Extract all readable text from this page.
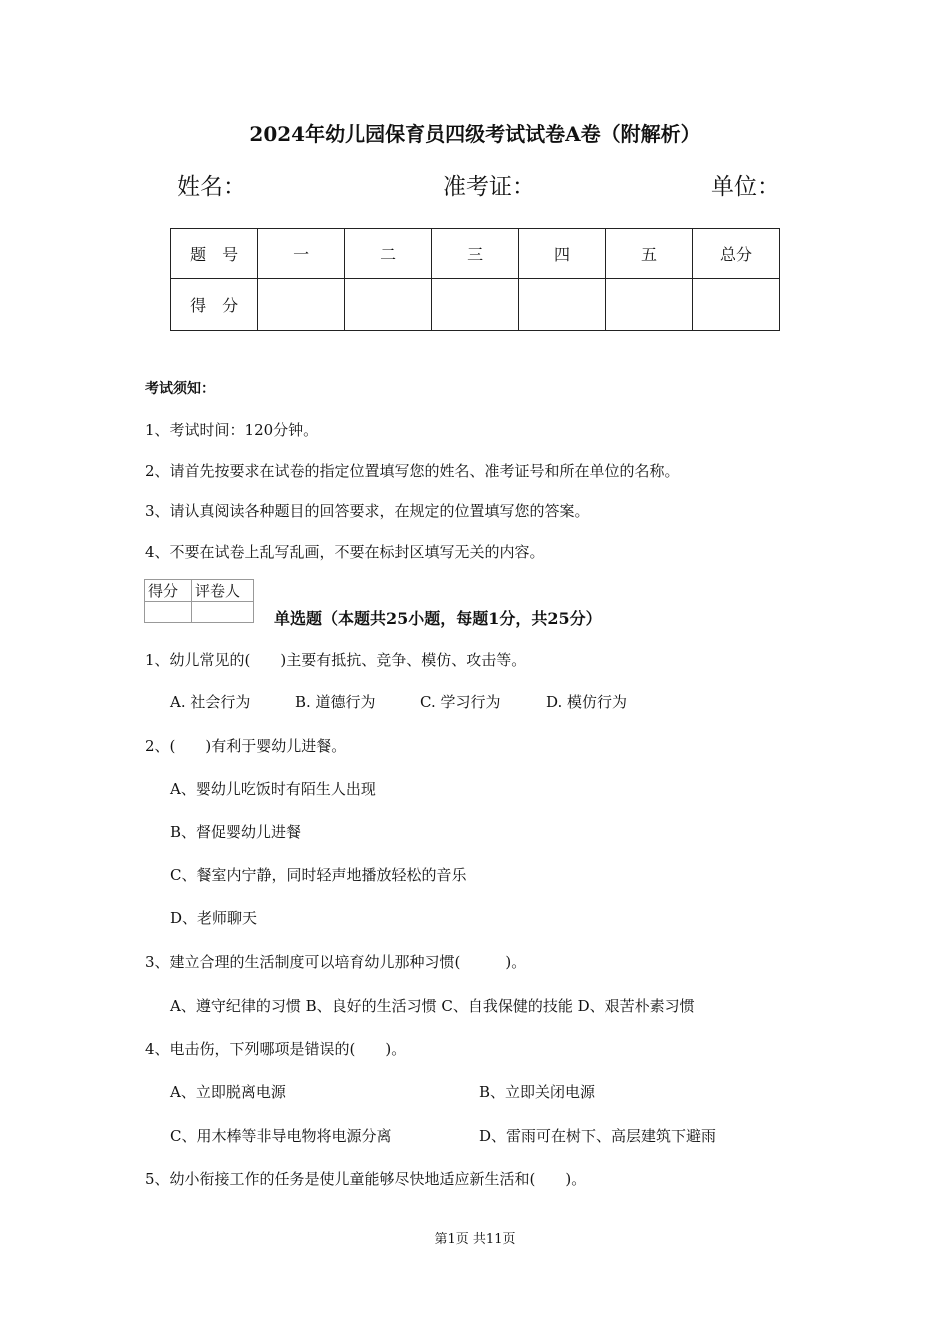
2024年幼儿园保育员四级考试试卷A卷（附解析）
姓名：	准考证：	单位：
题　号	一	二	三	四	五	总分
得　分						
考试须知：
1、考试时间：120分钟。
2、请首先按要求在试卷的指定位置填写您的姓名、准考证号和所在单位的名称。
3、请认真阅读各种题目的回答要求，在规定的位置填写您的答案。
4、不要在试卷上乱写乱画，不要在标封区填写无关的内容。
得分	评卷人

单选题（本题共25小题，每题1分，共25分）
1、幼儿常见的(　　)主要有抵抗、竞争、模仿、攻击等。
A. 社会行为	B. 道德行为	C. 学习行为	D. 模仿行为
2、(　　)有利于婴幼儿进餐。
A、婴幼儿吃饭时有陌生人出现
B、督促婴幼儿进餐
C、餐室内宁静，同时轻声地播放轻松的音乐
D、老师聊天
3、建立合理的生活制度可以培育幼儿那种习惯(　　　)。
A、遵守纪律的习惯 B、良好的生活习惯 C、自我保健的技能 D、艰苦朴素习惯
4、电击伤，下列哪项是错误的(　　)。
A、立即脱离电源	B、立即关闭电源
C、用木棒等非导电物将电源分离	D、雷雨可在树下、高层建筑下避雨
5、幼小衔接工作的任务是使儿童能够尽快地适应新生活和(　　)。
第1页 共11页
